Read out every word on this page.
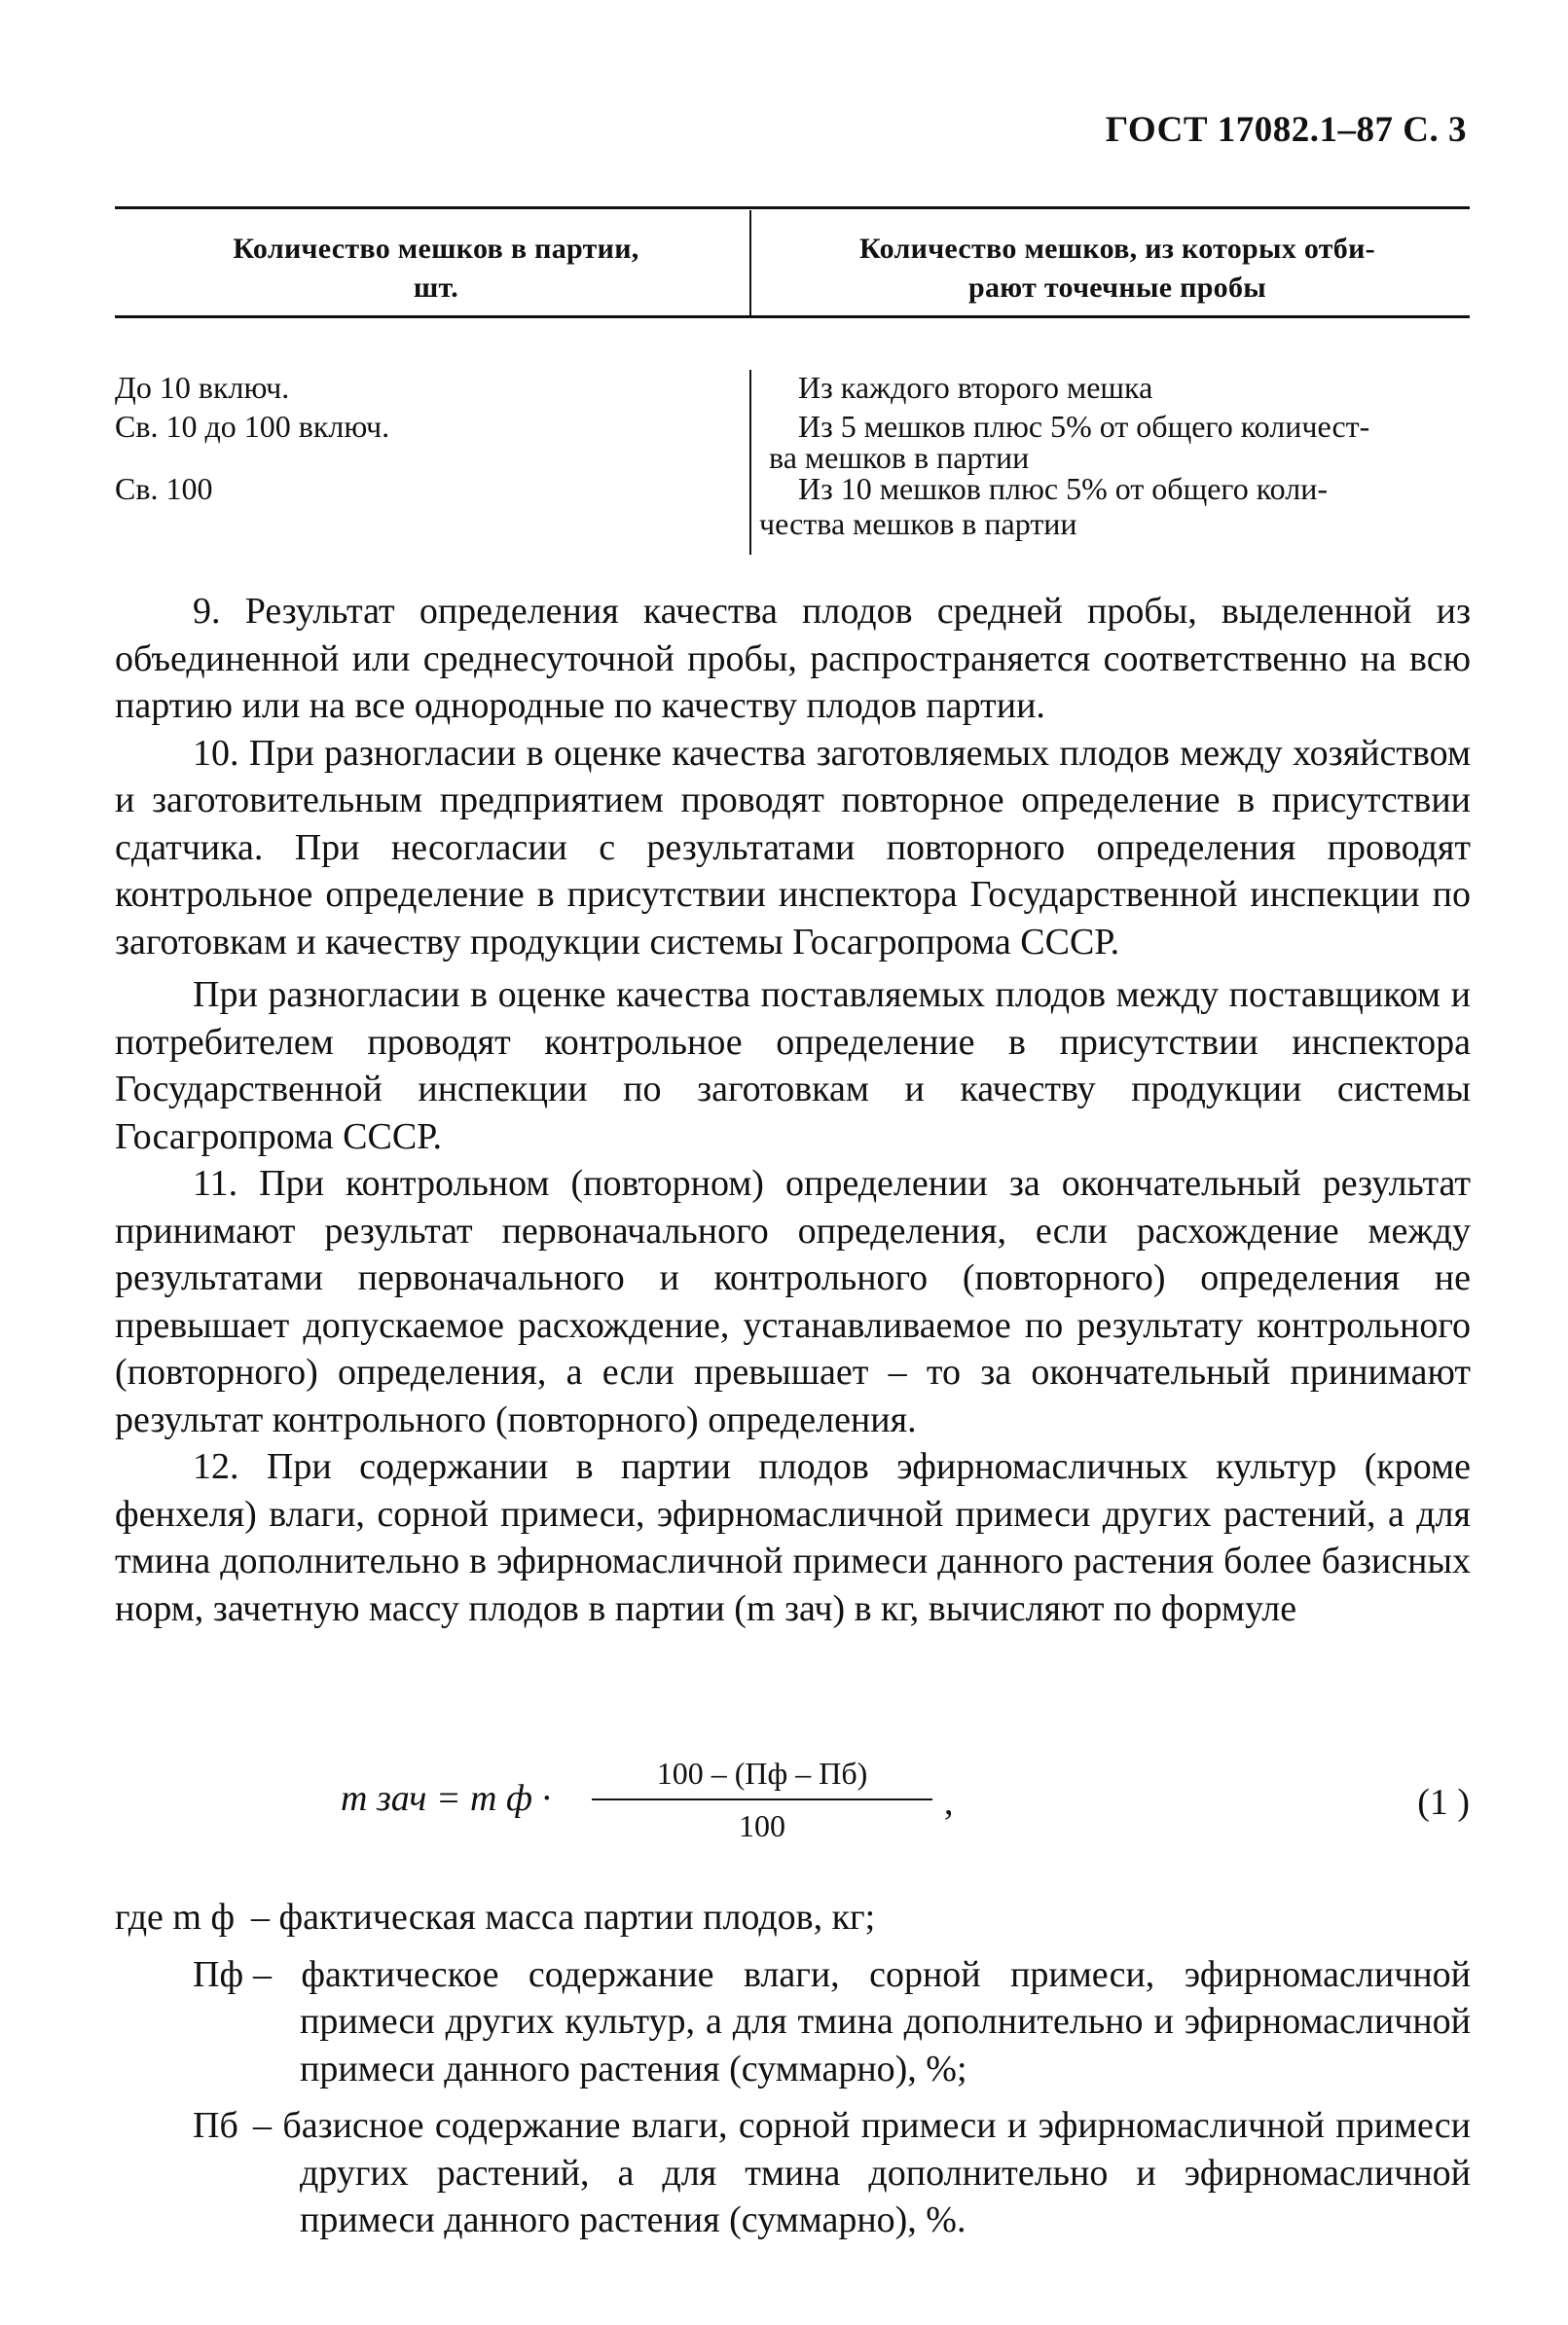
ГОСТ 17082.1–87 С. 3
Количество мешков в партии,
шт.
Количество мешков, из которых отби-
рают точечные пробы
До 10 включ.
Св. 10 до 100 включ.
Св. 100
Из каждого второго мешка
Из 5 мешков плюс 5% от общего количест-
ва мешков в партии
Из 10 мешков плюс 5% от общего коли-
чества мешков в партии

9. Результат определения качества плодов средней пробы, выделенной из объединенной или среднесуточной пробы, распространяется соответственно на всю партию или на все однородные по качеству плодов партии.

10. При разногласии в оценке качества заготовляемых плодов между хозяйством и заготовительным предприятием проводят повторное определение в присутствии сдатчика. При несогласии с результатами повторного определения проводят контрольное определение в присутствии инспектора Государственной инспекции по заготовкам и качеству продукции системы Госагропрома СССР.

При разногласии в оценке качества поставляемых плодов между поставщиком и потребителем проводят контрольное определение в присутствии инспектора Государственной инспекции по заготовкам и качеству продукции системы Госагропрома СССР.

11. При контрольном (повторном) определении за окончательный результат принимают результат первоначального определения, если расхождение между результатами первоначального и контрольного (повторного) определения не превышает допускаемое расхождение, устанавливаемое по результату контрольного (повторного) определения, а если превышает – то за окончательный принимают результат контрольного (повторного) определения.

12. При содержании в партии плодов эфирномасличных культур (кроме фенхеля) влаги, сорной примеси, эфирномасличной примеси других растений, а для тмина дополнительно в эфирномасличной примеси данного растения более базисных норм, зачетную массу плодов в партии (m зач) в кг, вычисляют по формуле

m зач = m ф ·
100 – (Пф – Пб)
100
,	(1 )
где m ф – фактическая масса партии плодов, кг;
Пф – фактическое содержание влаги, сорной примеси, эфирномасличной примеси других культур, а для тмина дополнительно и эфирномасличной примеси данного растения (суммарно), %;
Пб – базисное содержание влаги, сорной примеси и эфирномасличной примеси других растений, а для тмина дополнительно и эфирномасличной примеси данного растения (суммарно), %.
